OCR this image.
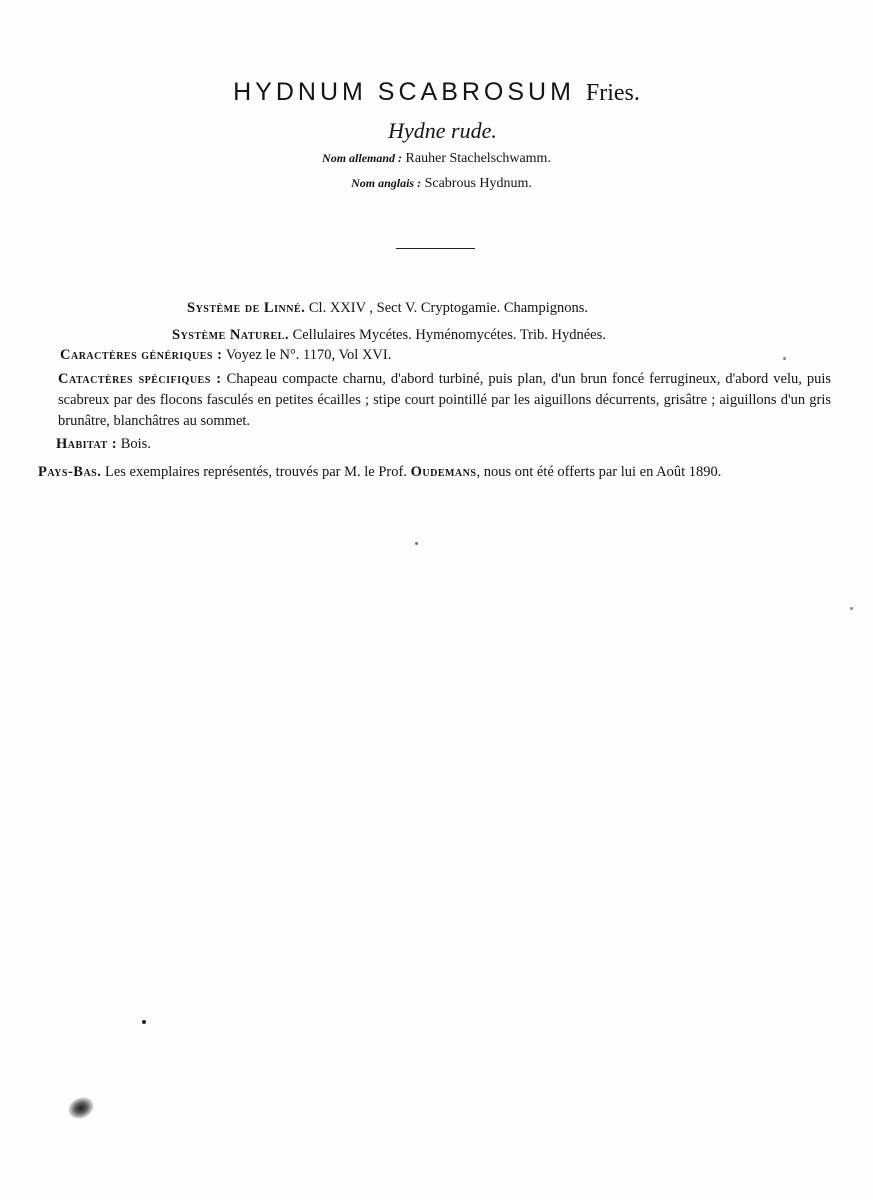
HYDNUM SCABROSUM Fries.
Hydne rude.
Nom allemand : Rauher Stachelschwamm.
Nom anglais : Scabrous Hydnum.
Système de Linné. Cl. XXIV , Sect V. Cryptogamie. Champignons.
Système Naturel. Cellulaires Mycétes. Hyménomycétes. Trib. Hydnées.
Caractères génériques : Voyez le N°. 1170, Vol XVI.
Catactères spécifiques : Chapeau compacte charnu, d'abord turbiné, puis plan, d'un brun foncé ferrugineux, d'abord velu, puis scabreux par des flocons fasculés en petites écailles ; stipe court pointillé par les aiguillons décurrents, grisâtre ; aiguillons d'un gris brunâtre, blanchâtres au sommet.
Habitat : Bois.
Pays-Bas. Les exemplaires représentés, trouvés par M. le Prof. Oudemans, nous ont été offerts par lui en Août 1890.
